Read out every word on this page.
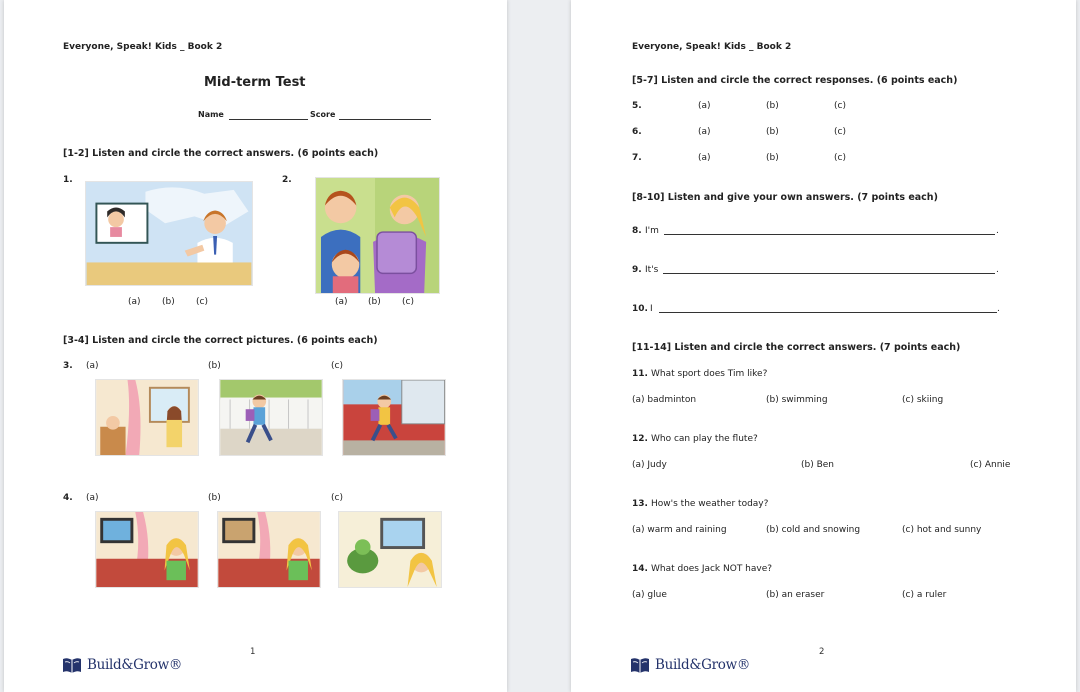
Everyone, Speak! Kids _ Book 2
Mid-term Test
Name	Score
[1-2] Listen and circle the correct answers. (6 points each)
1.
(a) (b) (c)
2.
(a) (b) (c)
[3-4] Listen and circle the correct pictures. (6 points each)
3. (a)	(b)	(c)
4. (a)	(b)	(c)
1
Build&Grow®
Everyone, Speak! Kids _ Book 2
[5-7] Listen and circle the correct responses. (6 points each)
5.	(a)	(b)	(c)
6.	(a)	(b)	(c)
7.	(a)	(b)	(c)
[8-10] Listen and give your own answers. (7 points each)
8. I'm	.
9. It's	.
10. I	.
[11-14] Listen and circle the correct answers. (7 points each)
11. What sport does Tim like?
(a) badminton	(b) swimming	(c) skiing
12. Who can play the flute?
(a) Judy	(b) Ben	(c) Annie
13. How's the weather today?
(a) warm and raining	(b) cold and snowing	(c) hot and sunny
14. What does Jack NOT have?
(a) glue	(b) an eraser	(c) a ruler
2
Build&Grow®
